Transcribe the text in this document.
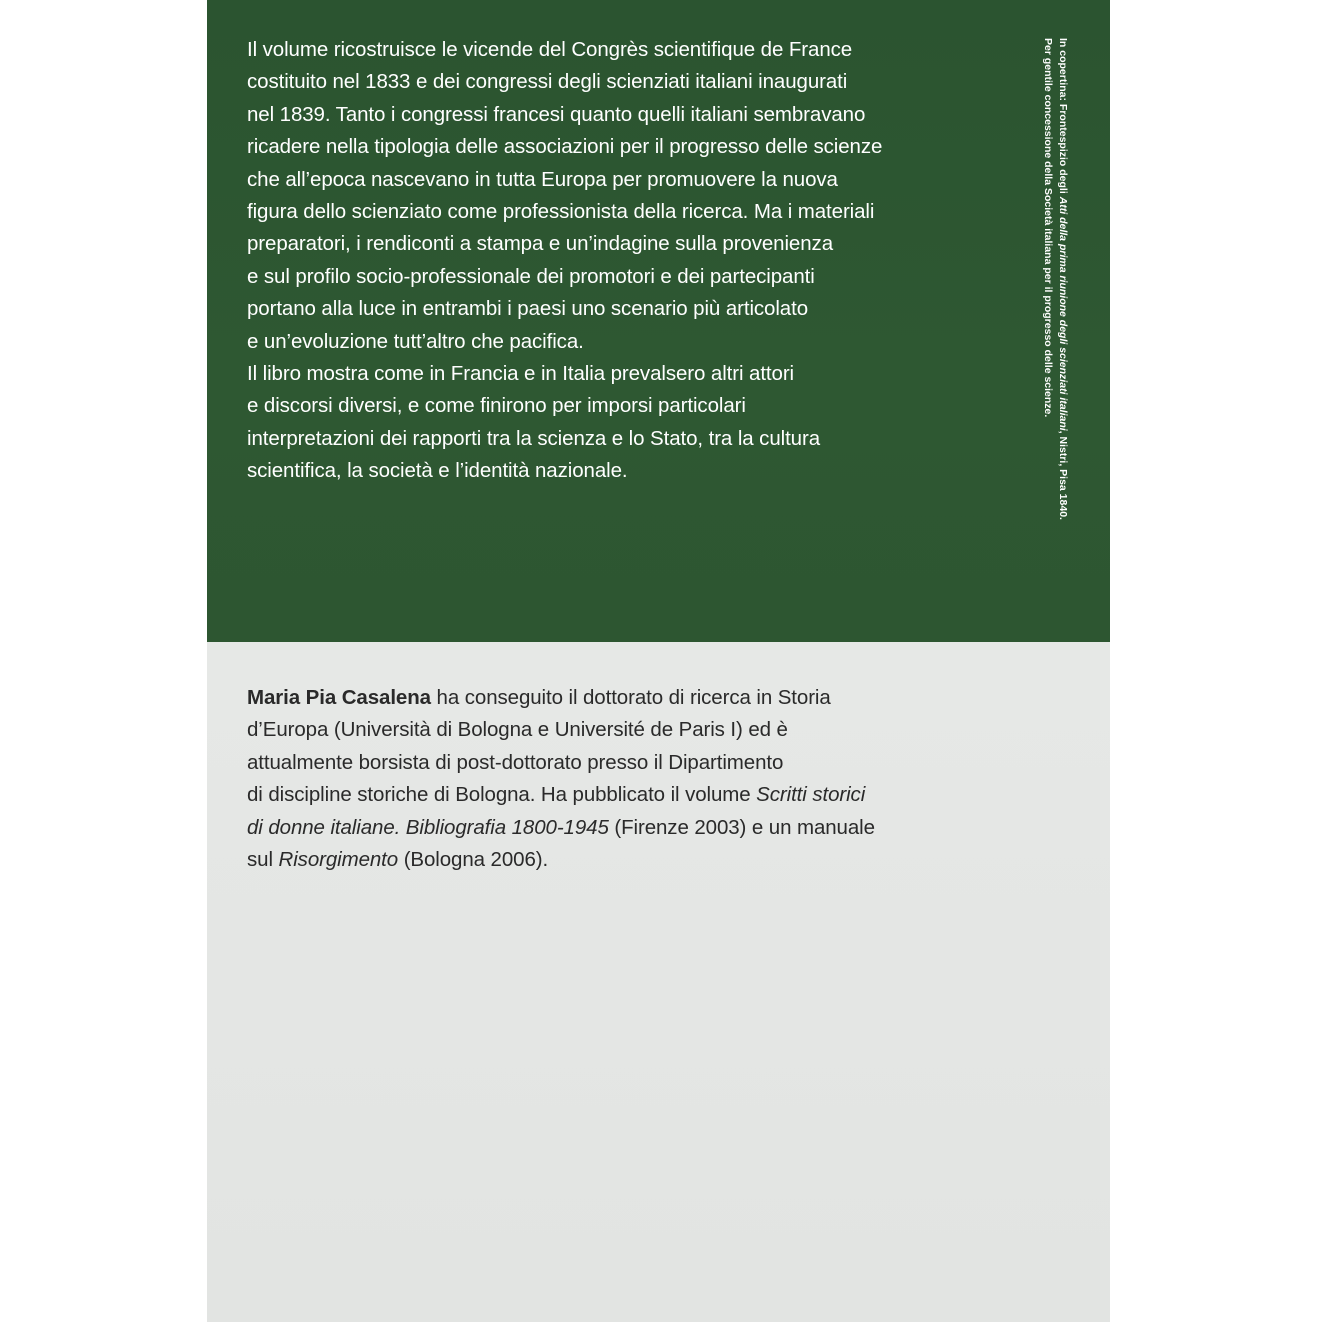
Il volume ricostruisce le vicende del Congrès scientifique de France
costituito nel 1833 e dei congressi degli scienziati italiani inaugurati
nel 1839. Tanto i congressi francesi quanto quelli italiani sembravano
ricadere nella tipologia delle associazioni per il progresso delle scienze
che all’epoca nascevano in tutta Europa per promuovere la nuova
figura dello scienziato come professionista della ricerca. Ma i materiali
preparatori, i rendiconti a stampa e un’indagine sulla provenienza
e sul profilo socio-professionale dei promotori e dei partecipanti
portano alla luce in entrambi i paesi uno scenario più articolato
e un’evoluzione tutt’altro che pacifica.
Il libro mostra come in Francia e in Italia prevalsero altri attori
e discorsi diversi, e come finirono per imporsi particolari
interpretazioni dei rapporti tra la scienza e lo Stato, tra la cultura
scientifica, la società e l’identità nazionale.

In copertina: Frontespizio degli Atti della prima riunione degli scienziati italiani, Nistri, Pisa 1840.
Per gentile concessione della Società italiana per il progresso delle scienze.

Maria Pia Casalena ha conseguito il dottorato di ricerca in Storia
d’Europa (Università di Bologna e Université de Paris I) ed è
attualmente borsista di post-dottorato presso il Dipartimento
di discipline storiche di Bologna. Ha pubblicato il volume Scritti storici
di donne italiane. Bibliografia 1800-1945 (Firenze 2003) e un manuale
sul Risorgimento (Bologna 2006).
